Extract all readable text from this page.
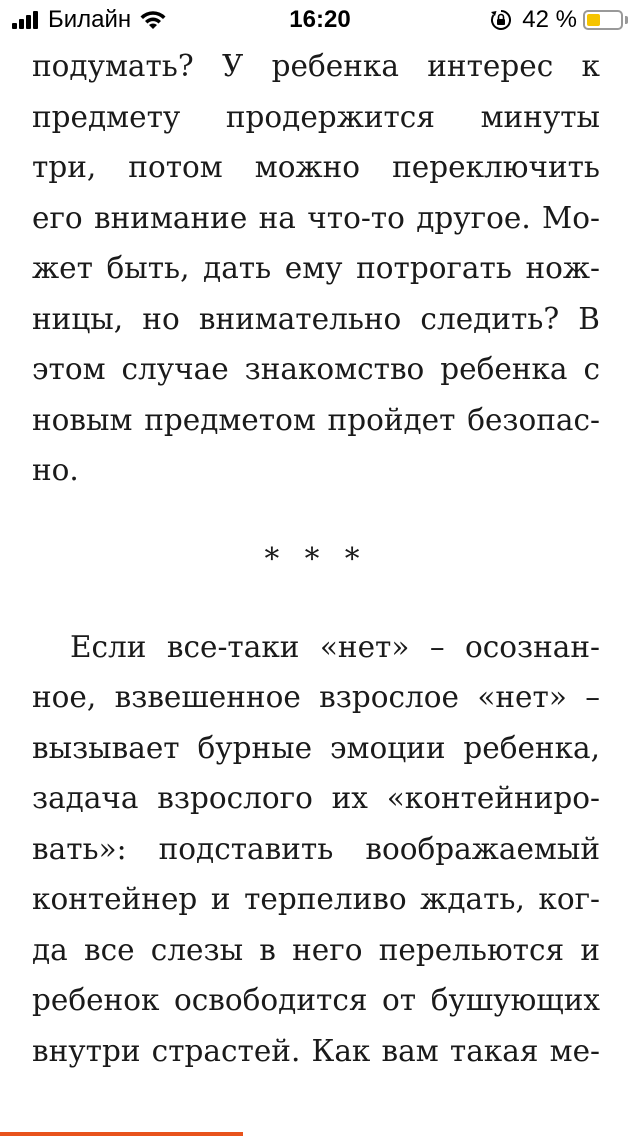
Билайн	16:20	42 %
подумать? У ребенка интерес к
предмету продержится минуты
три, потом можно переключить
его внимание на что-то другое. Мо-
жет быть, дать ему потрогать нож-
ницы, но внимательно следить? В
этом случае знакомство ребенка с
новым предметом пройдет безопас-
но.
* * *
Если все-таки «нет» – осознан-
ное, взвешенное взрослое «нет» –
вызывает бурные эмоции ребенка,
задача взрослого их «контейниро-
вать»: подставить воображаемый
контейнер и терпеливо ждать, ког-
да все слезы в него перельются и
ребенок освободится от бушующих
внутри страстей. Как вам такая ме-
